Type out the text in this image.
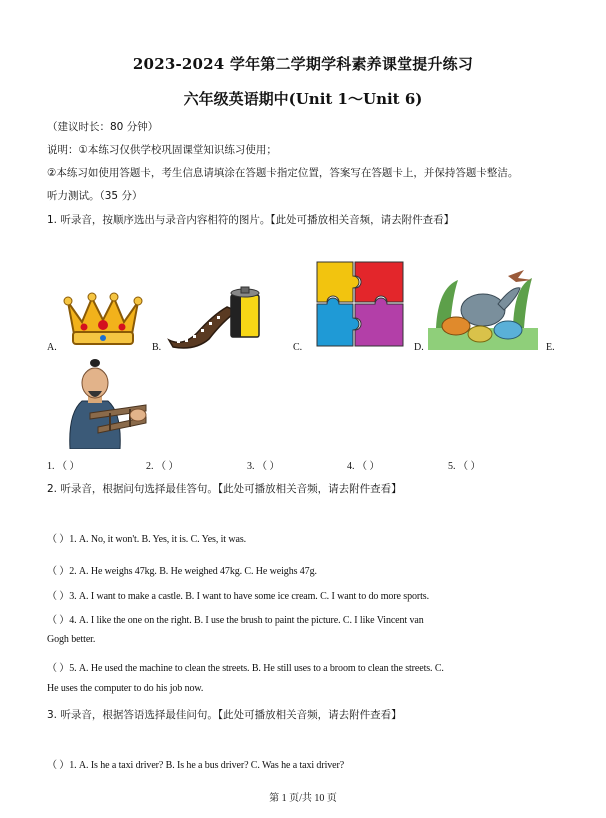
2023-2024 学年第二学期学科素养课堂提升练习
六年级英语期中(Unit 1～Unit 6)
（建议时长：80 分钟）
说明：①本练习仅供学校巩固课堂知识练习使用；
②本练习如使用答题卡，考生信息请填涂在答题卡指定位置，答案写在答题卡上，并保持答题卡整洁。
听力测试。（35 分）
1. 听录音，按顺序选出与录音内容相符的图片。【此处可播放相关音频，请去附件查看】
A.	B.	C.	D.	E.
1. （ ）	2. （ ）	3. （ ）	4. （ ）	5. （ ）
2. 听录音，根据问句选择最佳答句。【此处可播放相关音频，请去附件查看】
（ ）1. A. No, it won't. B. Yes, it is. C. Yes, it was.
（ ）2. A. He weighs 47kg. B. He weighed 47kg. C. He weighs 47g.
（ ）3. A. I want to make a castle. B. I want to have some ice cream. C. I want to do more sports.
（ ）4. A. I like the one on the right. B. I use the brush to paint the picture. C. I like Vincent van
Gogh better.
（ ）5. A. He used the machine to clean the streets. B. He still uses to a broom to clean the streets. C.
He uses the computer to do his job now.
3. 听录音，根据答语选择最佳问句。【此处可播放相关音频，请去附件查看】
（ ）1. A. Is he a taxi driver? B. Is he a bus driver? C. Was he a taxi driver?
第 1 页/共 10 页
